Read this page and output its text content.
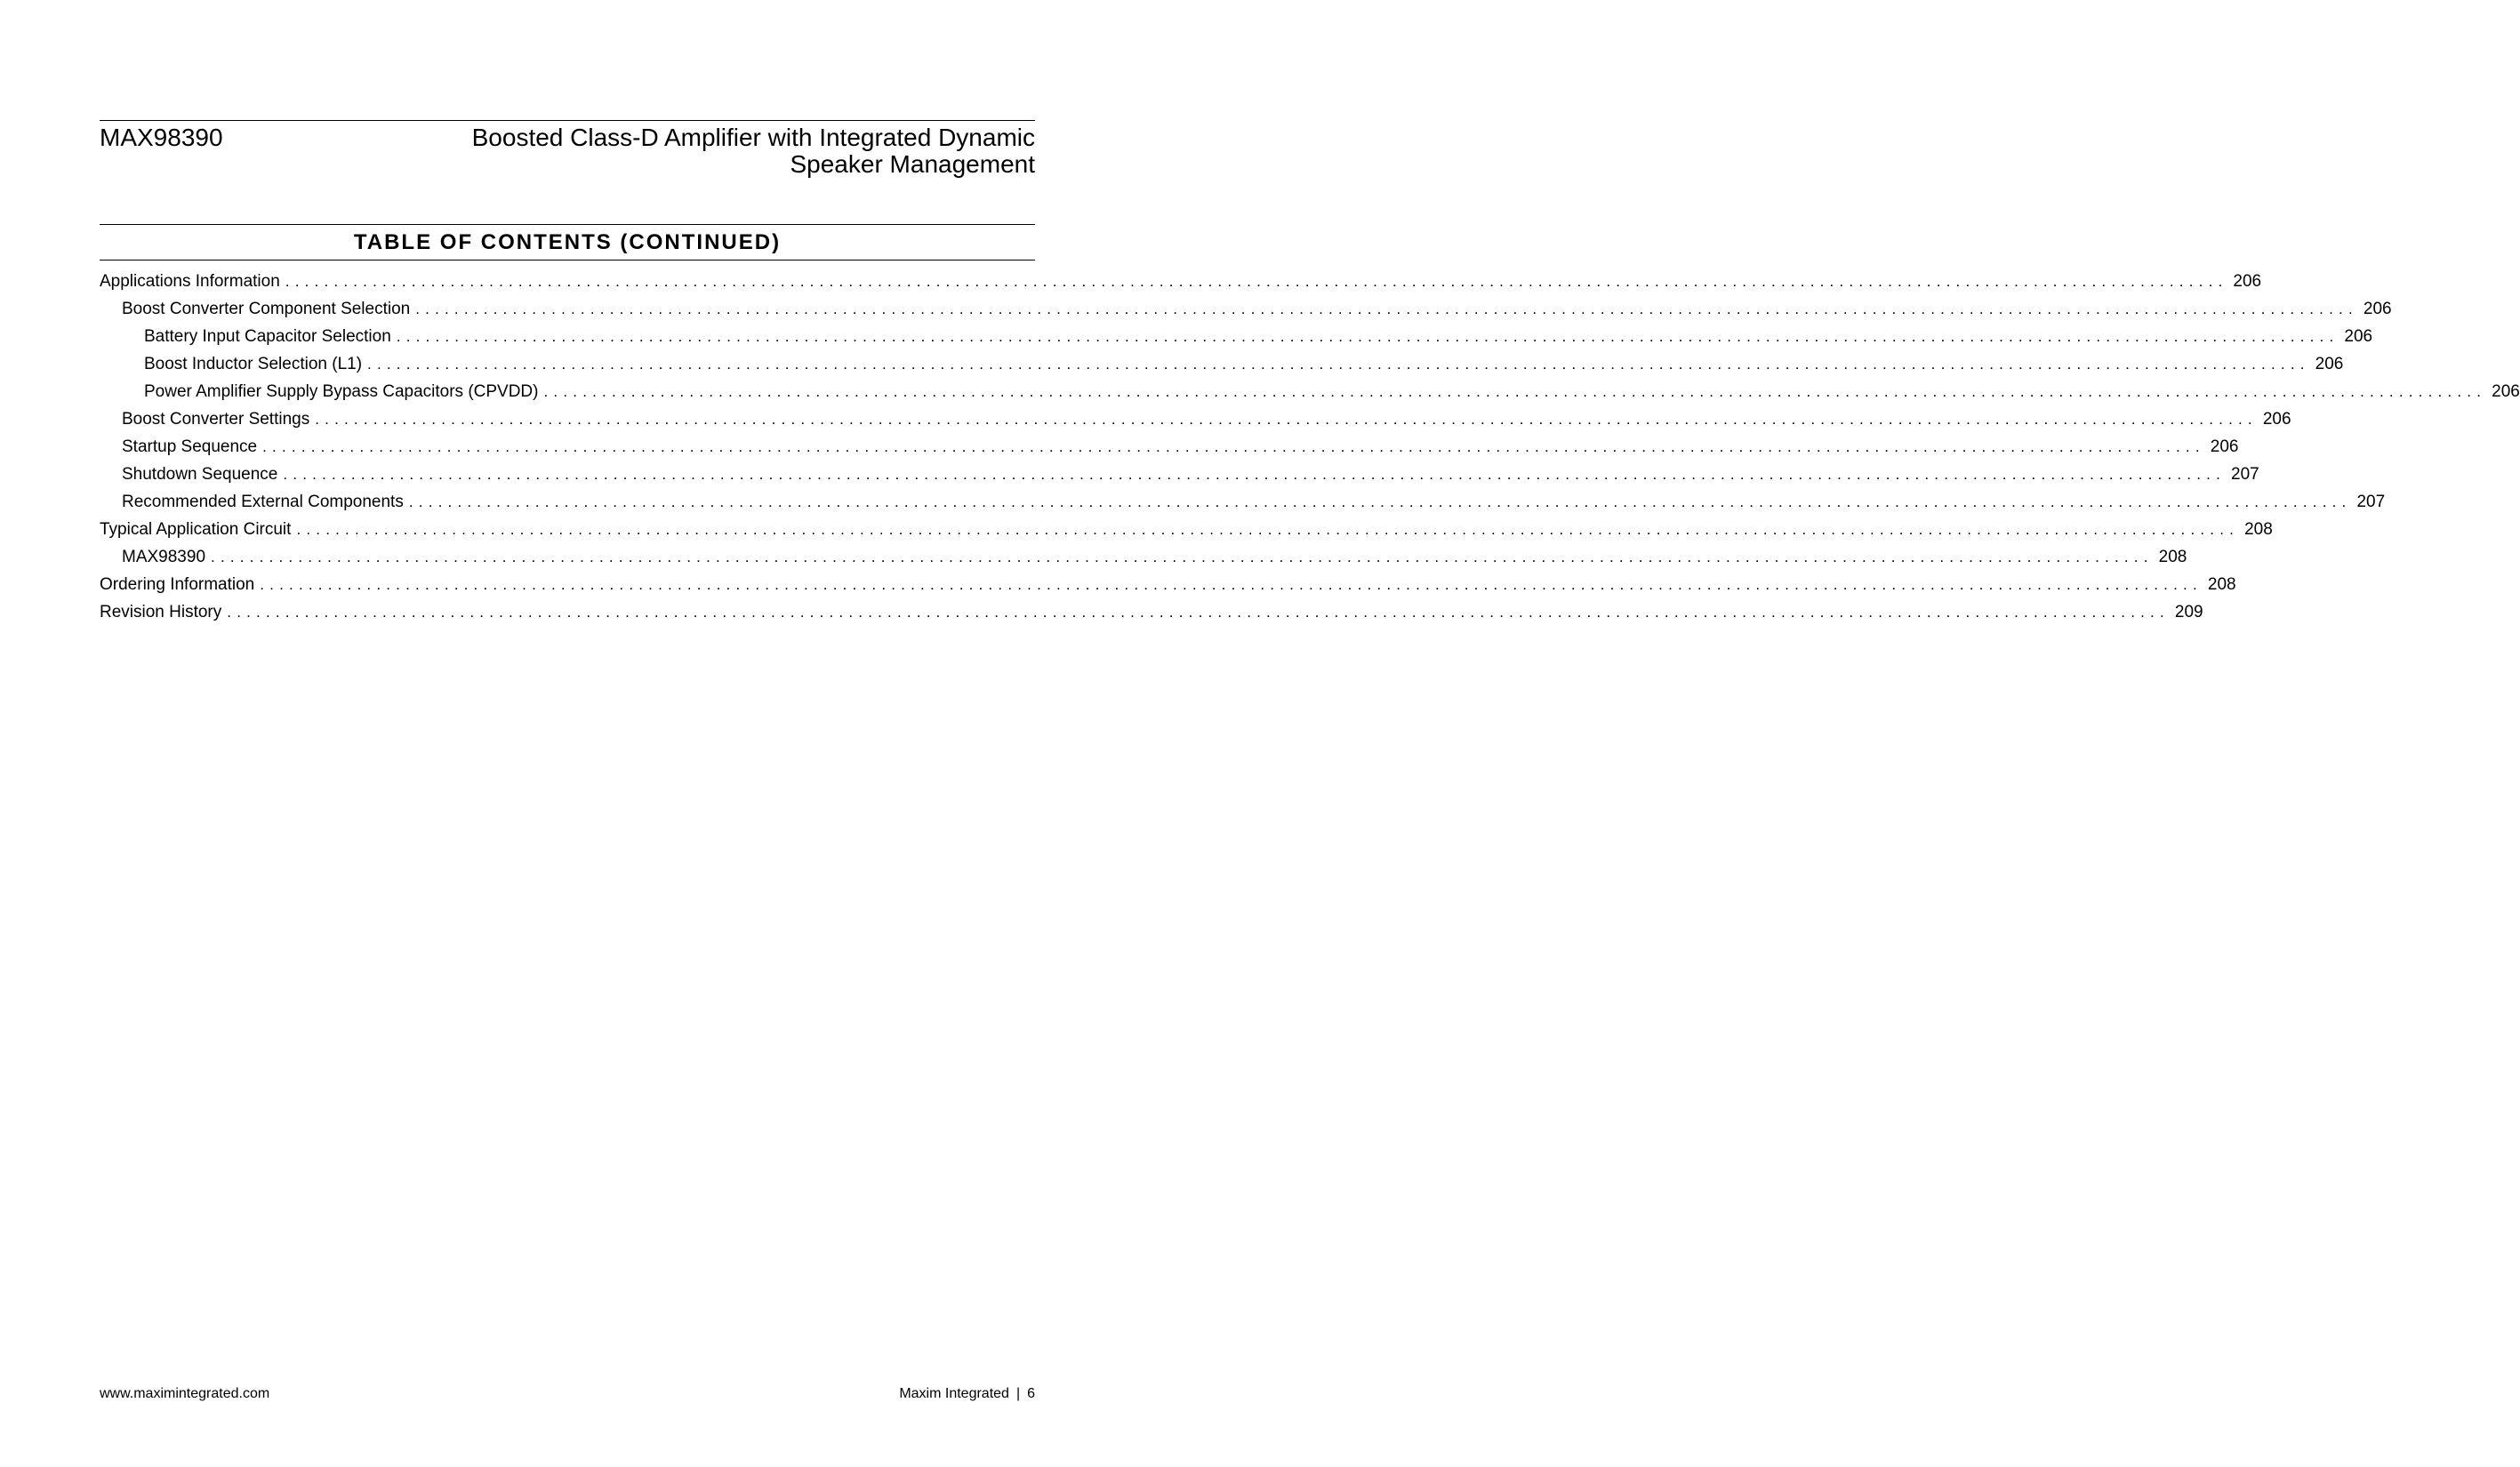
MAX98390	Boosted Class-D Amplifier with Integrated Dynamic
Speaker Management
TABLE OF CONTENTS (CONTINUED)
Applications Information ........................................................................................................................................................................................................ 206
Boost Converter Component Selection ........................................................................................................................................................................................................ 206
Battery Input Capacitor Selection ........................................................................................................................................................................................................ 206
Boost Inductor Selection (L1) ........................................................................................................................................................................................................ 206
Power Amplifier Supply Bypass Capacitors (CPVDD) ........................................................................................................................................................................................................ 206
Boost Converter Settings ........................................................................................................................................................................................................ 206
Startup Sequence ........................................................................................................................................................................................................ 206
Shutdown Sequence ........................................................................................................................................................................................................ 207
Recommended External Components ........................................................................................................................................................................................................ 207
Typical Application Circuit ........................................................................................................................................................................................................ 208
MAX98390 ........................................................................................................................................................................................................ 208
Ordering Information ........................................................................................................................................................................................................ 208
Revision History ........................................................................................................................................................................................................ 209
www.maximintegrated.com	Maxim Integrated | 6
